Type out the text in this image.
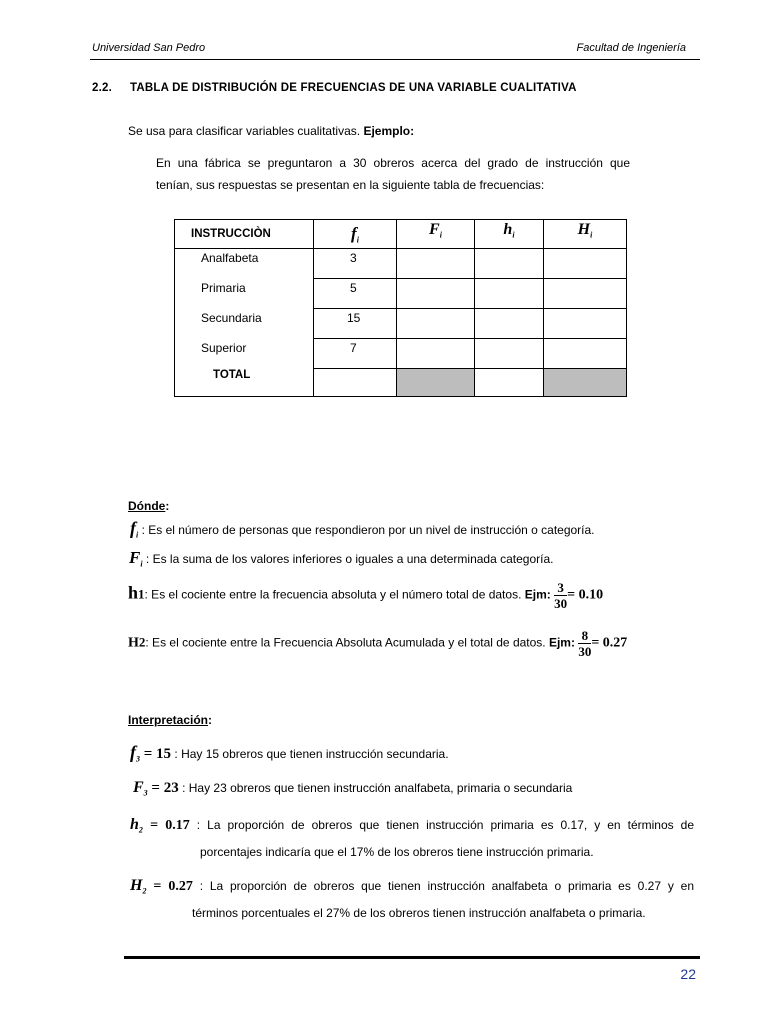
Universidad San Pedro	Facultad de Ingeniería
2.2. TABLA DE DISTRIBUCIÓN DE FRECUENCIAS DE UNA VARIABLE CUALITATIVA
Se usa para clasificar variables cualitativas. Ejemplo:
En una fábrica se preguntaron a 30 obreros acerca del grado de instrucción que
tenían, sus respuestas se presentan en la siguiente tabla de frecuencias:
INSTRUCCIÒN	$f_i$	$F_i$	$h_i$	$H_i$
Analfabeta	3			
Primaria	5			
Secundaria	15			
Superior	7			
TOTAL				
Dónde:
$f_i$ : Es el número de personas que respondieron por un nivel de instrucción o categoría.
$F_i$ : Es la suma de los valores inferiores o iguales a una determinada categoría.
h1: Es el cociente entre la frecuencia absoluta y el número total de datos. Ejm: $\frac{3}{30} = 0.10$
H2: Es el cociente entre la Frecuencia Absoluta Acumulada y el total de datos. Ejm: $\frac{8}{30} = 0.27$
Interpretación:
$f_3 = 15$ : Hay 15 obreros que tienen instrucción secundaria.
$F_3 = 23$ : Hay 23 obreros que tienen instrucción analfabeta, primaria o secundaria
$h_2 = 0.17$ : La proporción de obreros que tienen instrucción primaria es 0.17, y en términos de
porcentajes indicaría que el 17% de los obreros tiene instrucción primaria.
$H_2 = 0.27$ : La proporción de obreros que tienen instrucción analfabeta o primaria es 0.27 y en
términos porcentuales el 27% de los obreros tienen instrucción analfabeta o primaria.
22
